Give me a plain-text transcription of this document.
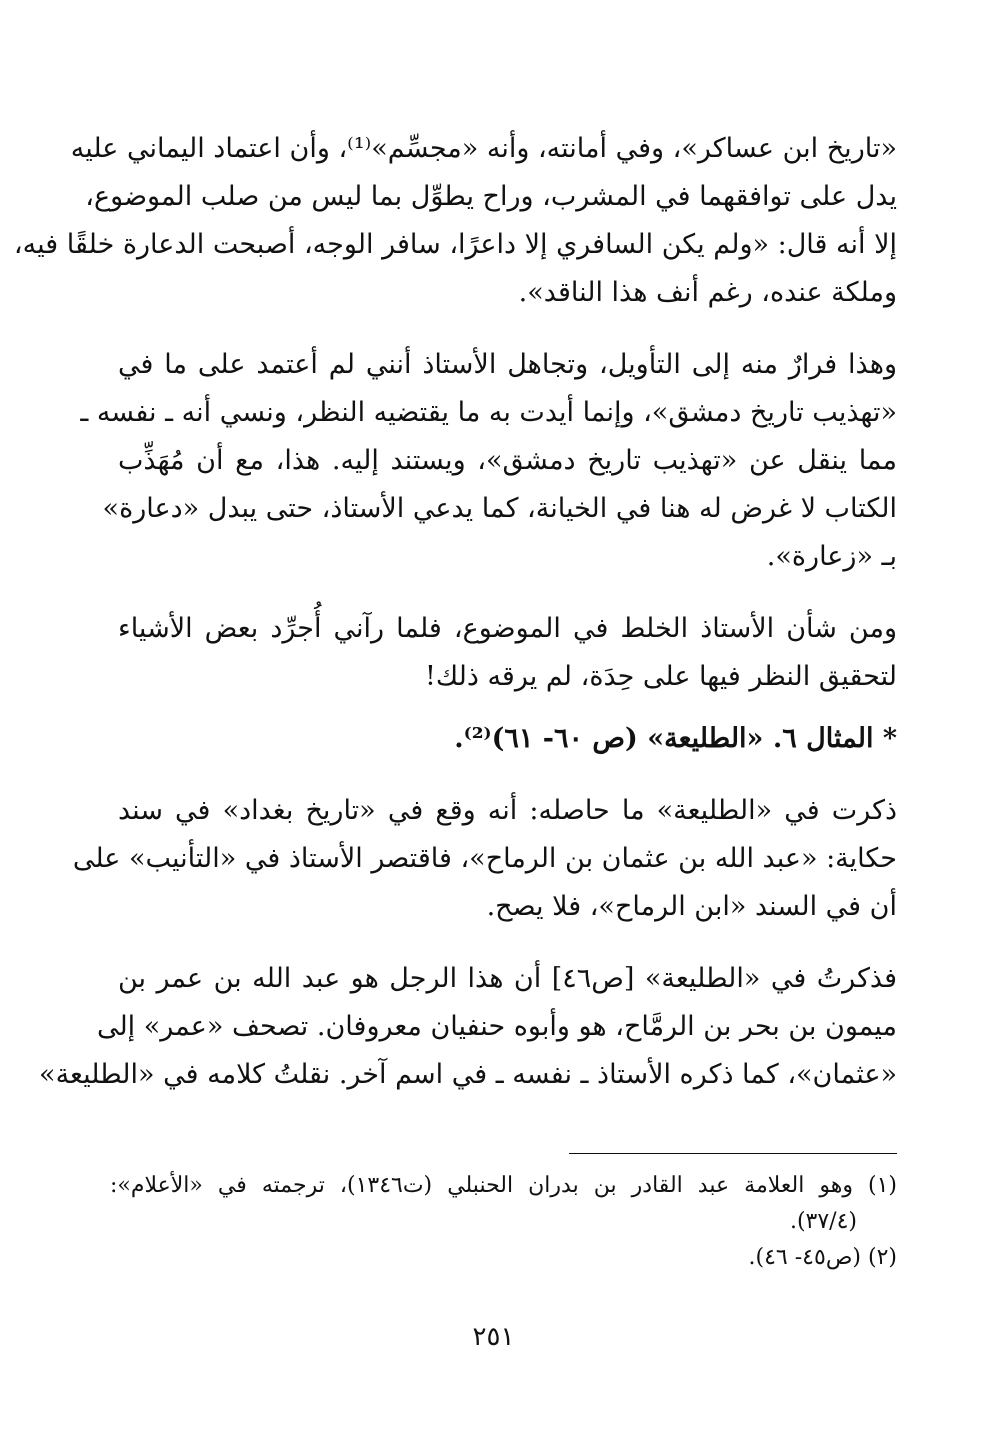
«تاريخ ابن عساكر»، وفي أمانته، وأنه «مجسِّم»⁽¹⁾، وأن اعتماد اليماني عليه
يدل على توافقهما في المشرب، وراح يطوِّل بما ليس من صلب الموضوع،
إلا أنه قال: «ولم يكن السافري إلا داعرًا، سافر الوجه، أصبحت الدعارة خلقًا فيه،
وملكة عنده، رغم أنف هذا الناقد».
وهذا فرارٌ منه إلى التأويل، وتجاهل الأستاذ أنني لم أعتمد على ما في
«تهذيب تاريخ دمشق»، وإنما أيدت به ما يقتضيه النظر، ونسي أنه ـ نفسه ـ
مما ينقل عن «تهذيب تاريخ دمشق»، ويستند إليه. هذا، مع أن مُهَذِّب
الكتاب لا غرض له هنا في الخيانة، كما يدعي الأستاذ، حتى يبدل «دعارة»
بـ «زعارة».
ومن شأن الأستاذ الخلط في الموضوع، فلما رآني أُجرِّد بعض الأشياء
لتحقيق النظر فيها على حِدَة، لم يرقه ذلك!
* المثال ٦. «الطليعة» (ص ٦٠- ٦١)⁽²⁾.
ذكرت في «الطليعة» ما حاصله: أنه وقع في «تاريخ بغداد» في سند
حكاية: «عبد الله بن عثمان بن الرماح»، فاقتصر الأستاذ في «التأنيب» على
أن في السند «ابن الرماح»، فلا يصح.
فذكرتُ في «الطليعة» [ص٤٦] أن هذا الرجل هو عبد الله بن عمر بن
ميمون بن بحر بن الرمَّاح، هو وأبوه حنفيان معروفان. تصحف «عمر» إلى
«عثمان»، كما ذكره الأستاذ ـ نفسه ـ في اسم آخر. نقلتُ كلامه في «الطليعة»
(١) وهو العلامة عبد القادر بن بدران الحنبلي (ت١٣٤٦)، ترجمته في «الأعلام»:
(٣٧/٤).
(٢) (ص٤٥- ٤٦).
٢٥١
